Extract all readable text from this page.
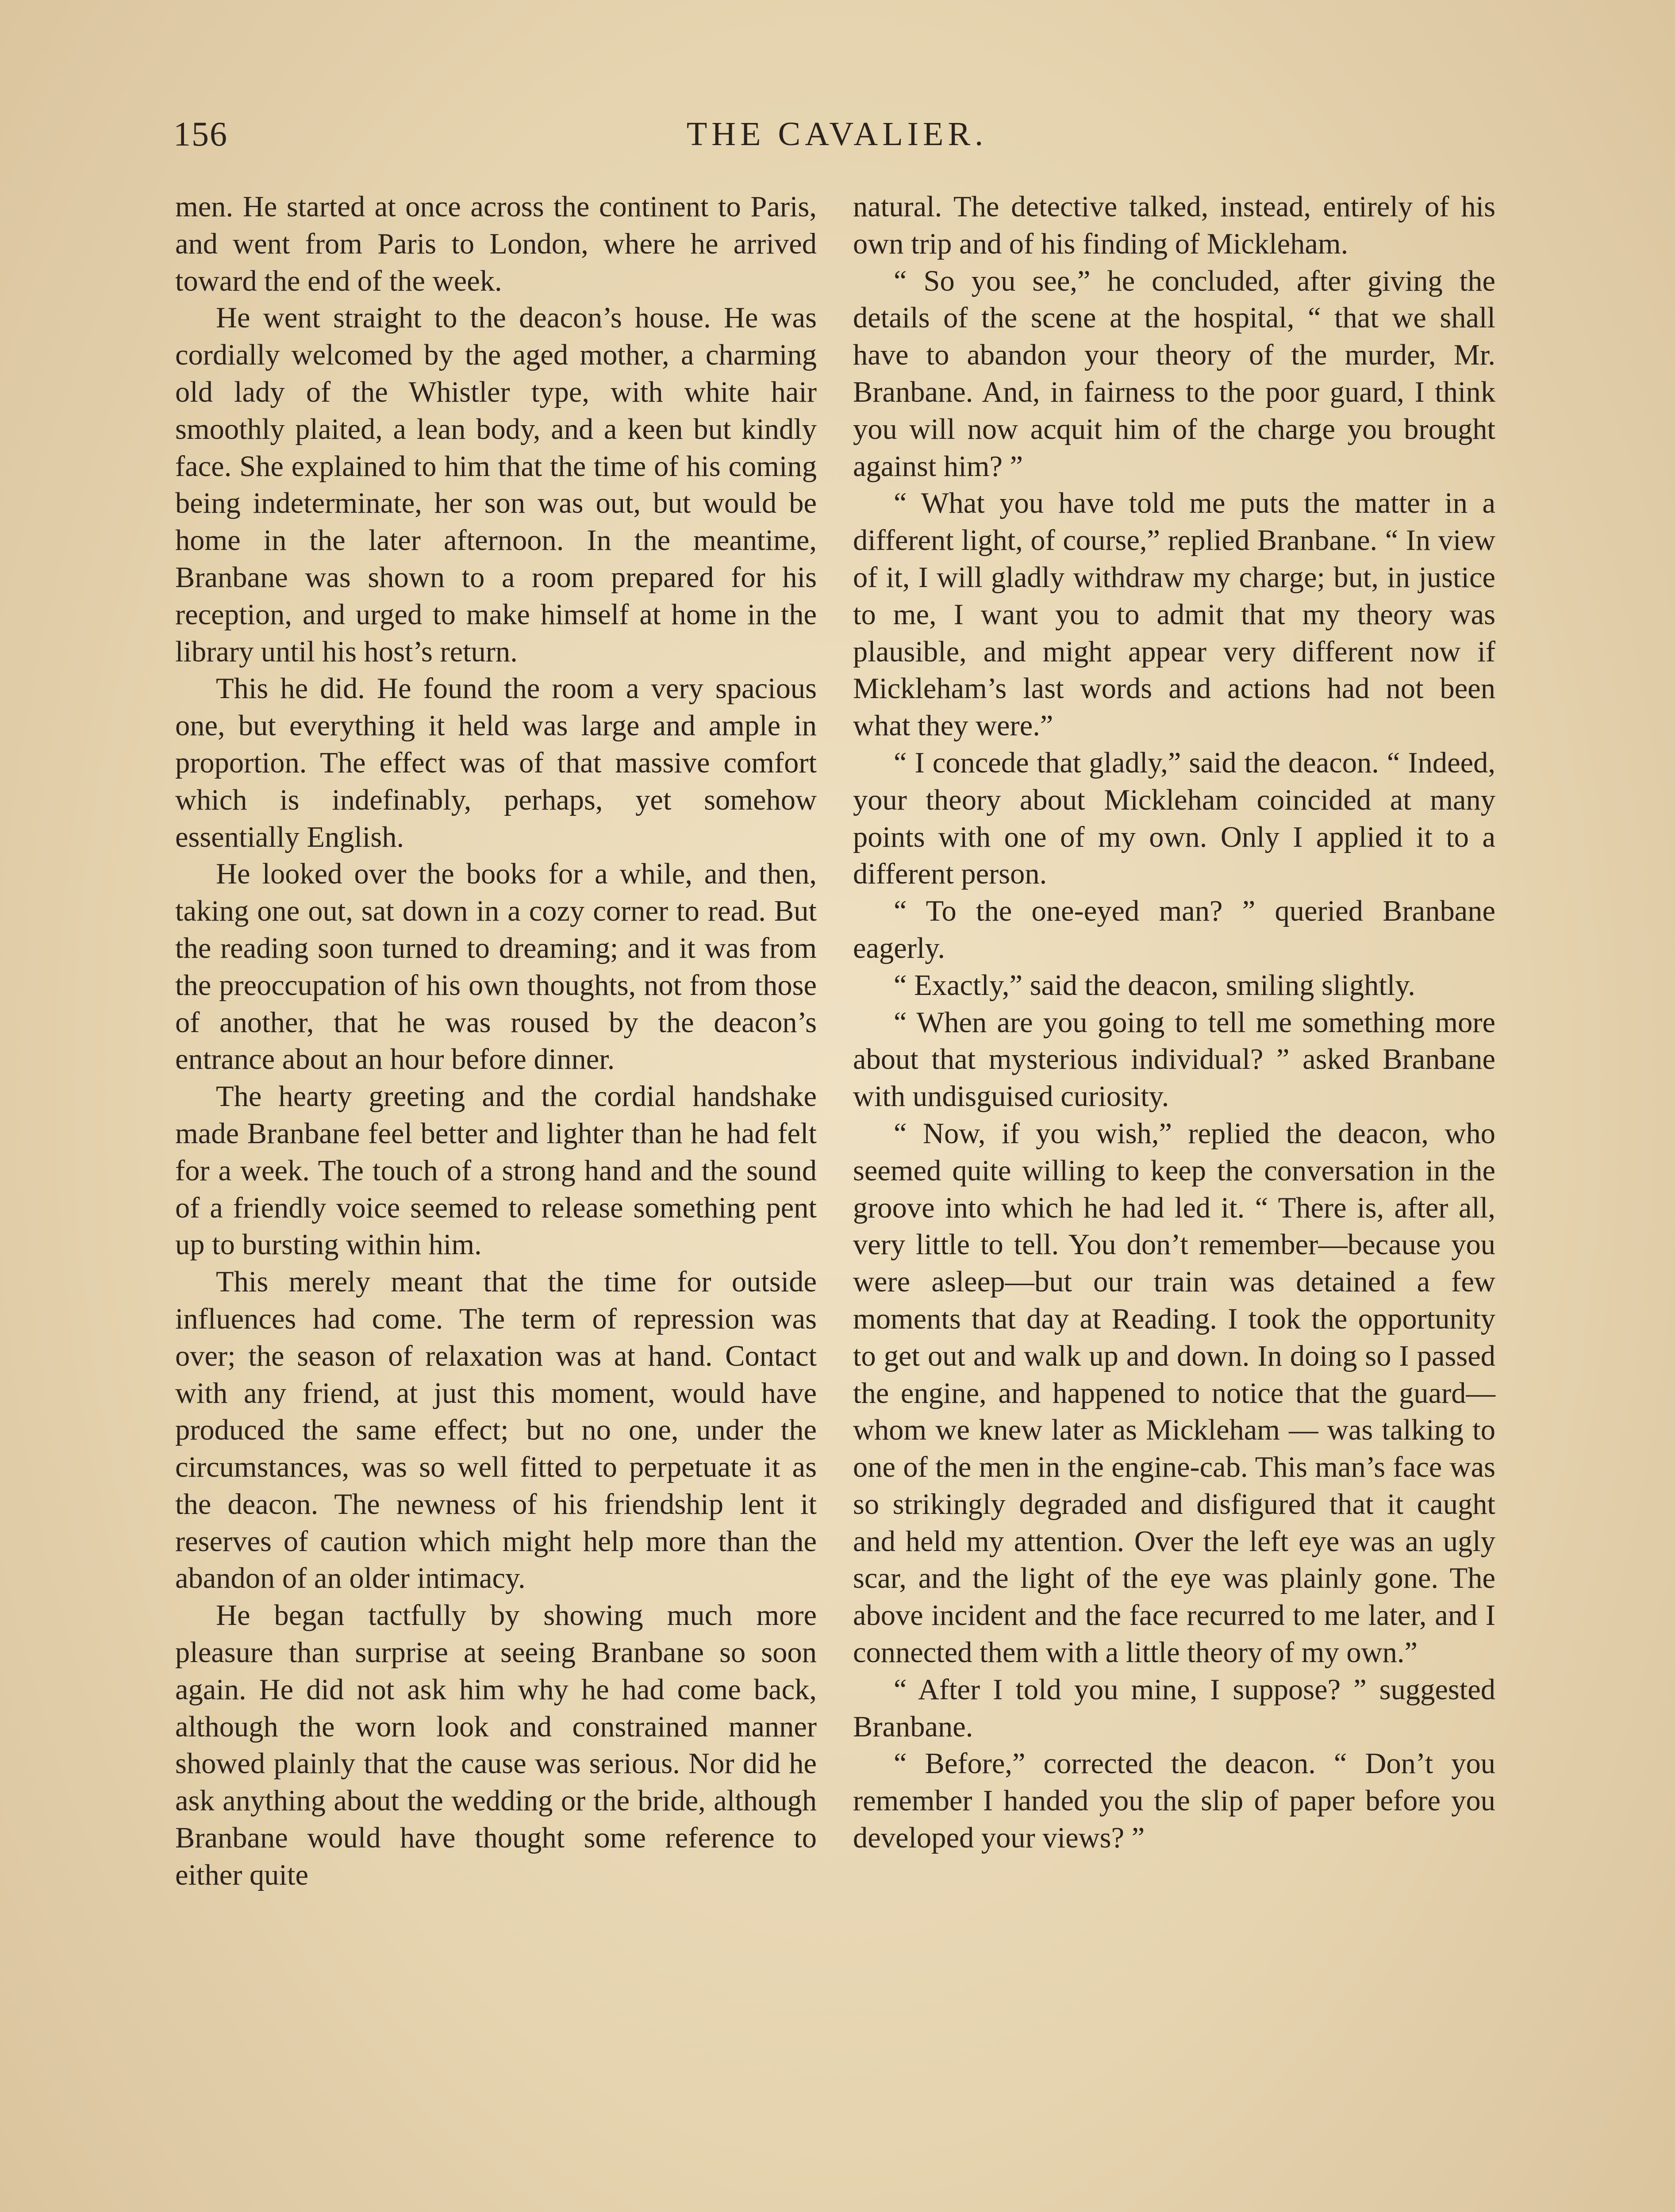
156	THE CAVALIER.

men. He started at once across the continent to Paris, and went from Paris to London, where he arrived toward the end of the week.

He went straight to the deacon’s house. He was cordially welcomed by the aged mother, a charming old lady of the Whistler type, with white hair smoothly plaited, a lean body, and a keen but kindly face. She explained to him that the time of his coming being indeterminate, her son was out, but would be home in the later afternoon. In the meantime, Branbane was shown to a room prepared for his reception, and urged to make himself at home in the library until his host’s return.

This he did. He found the room a very spacious one, but everything it held was large and ample in proportion. The effect was of that massive comfort which is indefinably, perhaps, yet somehow essentially English.

He looked over the books for a while, and then, taking one out, sat down in a cozy corner to read. But the reading soon turned to dreaming; and it was from the preoccupation of his own thoughts, not from those of another, that he was roused by the deacon’s entrance about an hour before dinner.

The hearty greeting and the cordial handshake made Branbane feel better and lighter than he had felt for a week. The touch of a strong hand and the sound of a friendly voice seemed to release something pent up to bursting within him.

This merely meant that the time for outside influences had come. The term of repression was over; the season of relaxation was at hand. Contact with any friend, at just this moment, would have produced the same effect; but no one, under the circumstances, was so well fitted to perpetuate it as the deacon. The newness of his friendship lent it reserves of caution which might help more than the abandon of an older intimacy.

He began tactfully by showing much more pleasure than surprise at seeing Branbane so soon again. He did not ask him why he had come back, although the worn look and constrained manner showed plainly that the cause was serious. Nor did he ask anything about the wedding or the bride, although Branbane would have thought some reference to either quite

natural. The detective talked, instead, entirely of his own trip and of his finding of Mickleham.

“ So you see,” he concluded, after giving the details of the scene at the hospital, “ that we shall have to abandon your theory of the murder, Mr. Branbane. And, in fairness to the poor guard, I think you will now acquit him of the charge you brought against him? ”

“ What you have told me puts the matter in a different light, of course,” replied Branbane. “ In view of it, I will gladly withdraw my charge; but, in justice to me, I want you to admit that my theory was plausible, and might appear very different now if Mickleham’s last words and actions had not been what they were.”

“ I concede that gladly,” said the deacon. “ Indeed, your theory about Mickleham coincided at many points with one of my own. Only I applied it to a different person.

“ To the one-eyed man? ” queried Branbane eagerly.

“ Exactly,” said the deacon, smiling slightly.

“ When are you going to tell me something more about that mysterious individual? ” asked Branbane with undisguised curiosity.

“ Now, if you wish,” replied the deacon, who seemed quite willing to keep the conversation in the groove into which he had led it. “ There is, after all, very little to tell. You don’t remember—because you were asleep—but our train was detained a few moments that day at Reading. I took the opportunity to get out and walk up and down. In doing so I passed the engine, and happened to notice that the guard—whom we knew later as Mickleham — was talking to one of the men in the engine-cab. This man’s face was so strikingly degraded and disfigured that it caught and held my attention. Over the left eye was an ugly scar, and the light of the eye was plainly gone. The above incident and the face recurred to me later, and I connected them with a little theory of my own.”

“ After I told you mine, I suppose? ” suggested Branbane.

“ Before,” corrected the deacon. “ Don’t you remember I handed you the slip of paper before you developed your views? ”
